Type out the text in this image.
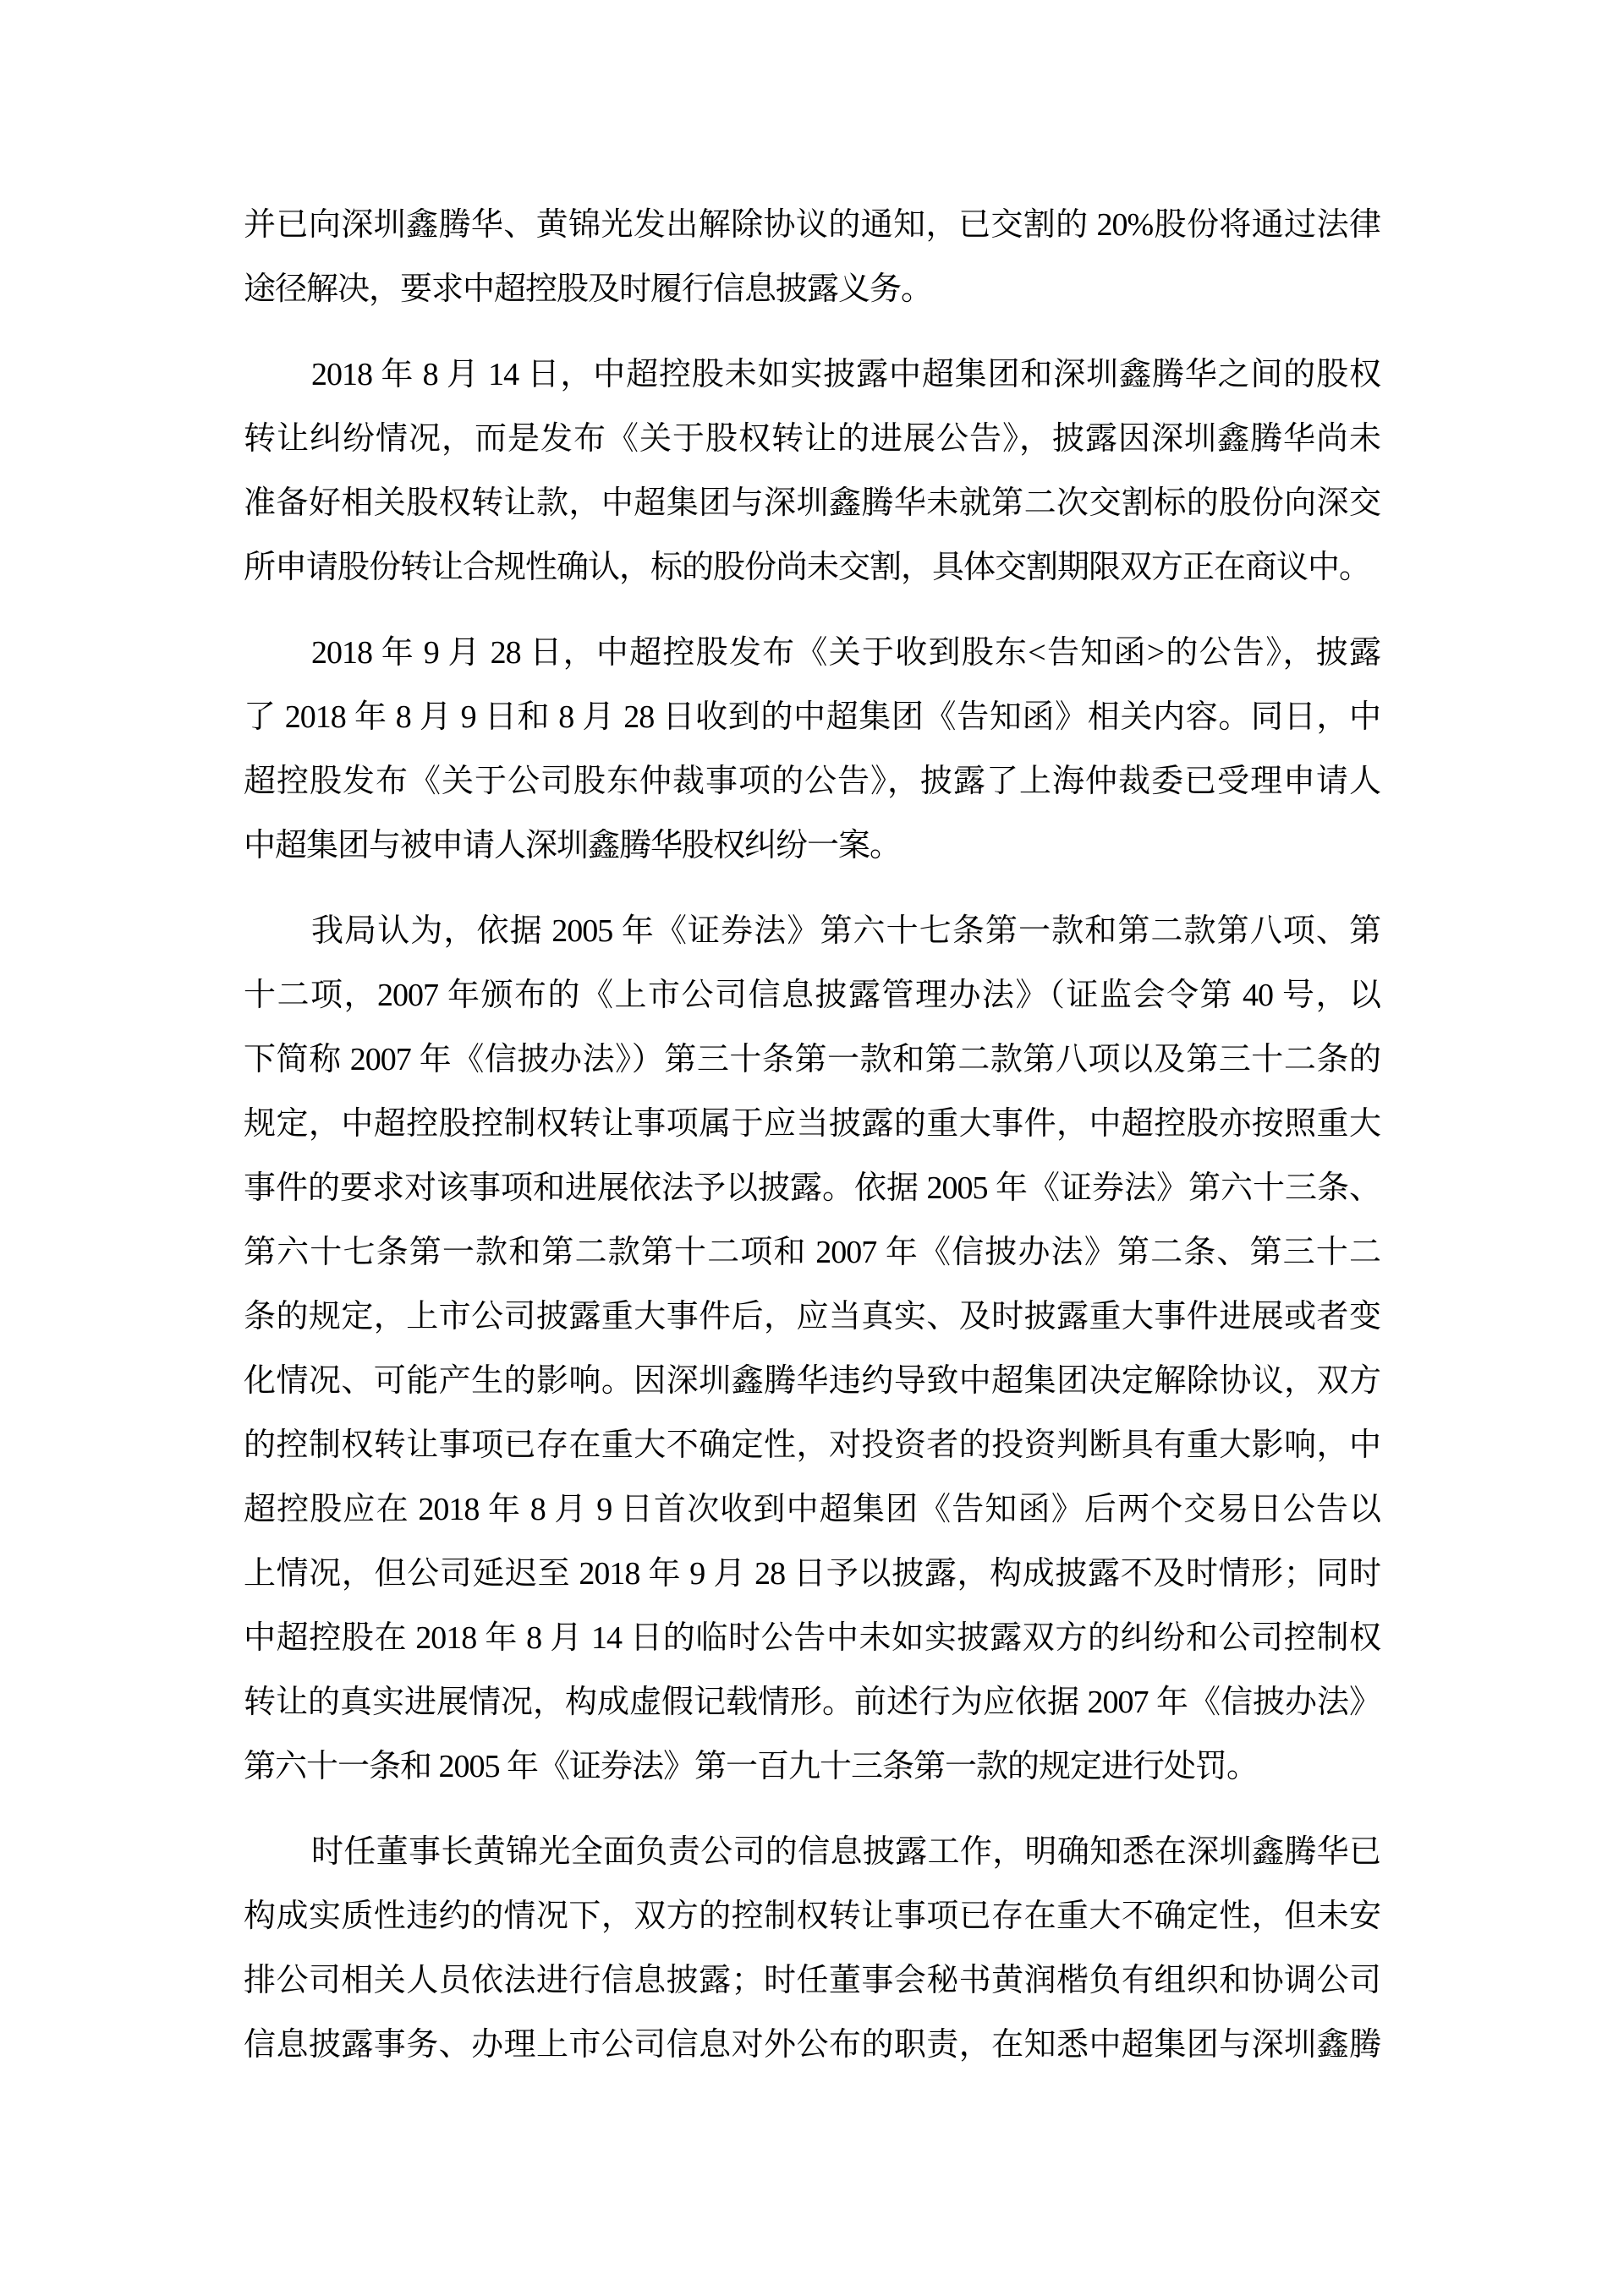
并已向深圳鑫腾华、黄锦光发出解除协议的通知，已交割的 20%股份将通过法律
途径解决，要求中超控股及时履行信息披露义务。
2018 年 8 月 14 日，中超控股未如实披露中超集团和深圳鑫腾华之间的股权
转让纠纷情况，而是发布《关于股权转让的进展公告》，披露因深圳鑫腾华尚未
准备好相关股权转让款，中超集团与深圳鑫腾华未就第二次交割标的股份向深交
所申请股份转让合规性确认，标的股份尚未交割，具体交割期限双方正在商议中。
2018 年 9 月 28 日，中超控股发布《关于收到股东<告知函>的公告》，披露
了 2018 年 8 月 9 日和 8 月 28 日收到的中超集团《告知函》相关内容。同日，中
超控股发布《关于公司股东仲裁事项的公告》，披露了上海仲裁委已受理申请人
中超集团与被申请人深圳鑫腾华股权纠纷一案。
我局认为，依据 2005 年《证券法》第六十七条第一款和第二款第八项、第
十二项，2007 年颁布的《上市公司信息披露管理办法》（证监会令第 40 号，以
下简称 2007 年《信披办法》）第三十条第一款和第二款第八项以及第三十二条的
规定，中超控股控制权转让事项属于应当披露的重大事件，中超控股亦按照重大
事件的要求对该事项和进展依法予以披露。依据 2005 年《证券法》第六十三条、
第六十七条第一款和第二款第十二项和 2007 年《信披办法》第二条、第三十二
条的规定，上市公司披露重大事件后，应当真实、及时披露重大事件进展或者变
化情况、可能产生的影响。因深圳鑫腾华违约导致中超集团决定解除协议，双方
的控制权转让事项已存在重大不确定性，对投资者的投资判断具有重大影响，中
超控股应在 2018 年 8 月 9 日首次收到中超集团《告知函》后两个交易日公告以
上情况，但公司延迟至 2018 年 9 月 28 日予以披露，构成披露不及时情形；同时
中超控股在 2018 年 8 月 14 日的临时公告中未如实披露双方的纠纷和公司控制权
转让的真实进展情况，构成虚假记载情形。前述行为应依据 2007 年《信披办法》
第六十一条和 2005 年《证券法》第一百九十三条第一款的规定进行处罚。
时任董事长黄锦光全面负责公司的信息披露工作，明确知悉在深圳鑫腾华已
构成实质性违约的情况下，双方的控制权转让事项已存在重大不确定性，但未安
排公司相关人员依法进行信息披露；时任董事会秘书黄润楷负有组织和协调公司
信息披露事务、办理上市公司信息对外公布的职责，在知悉中超集团与深圳鑫腾
